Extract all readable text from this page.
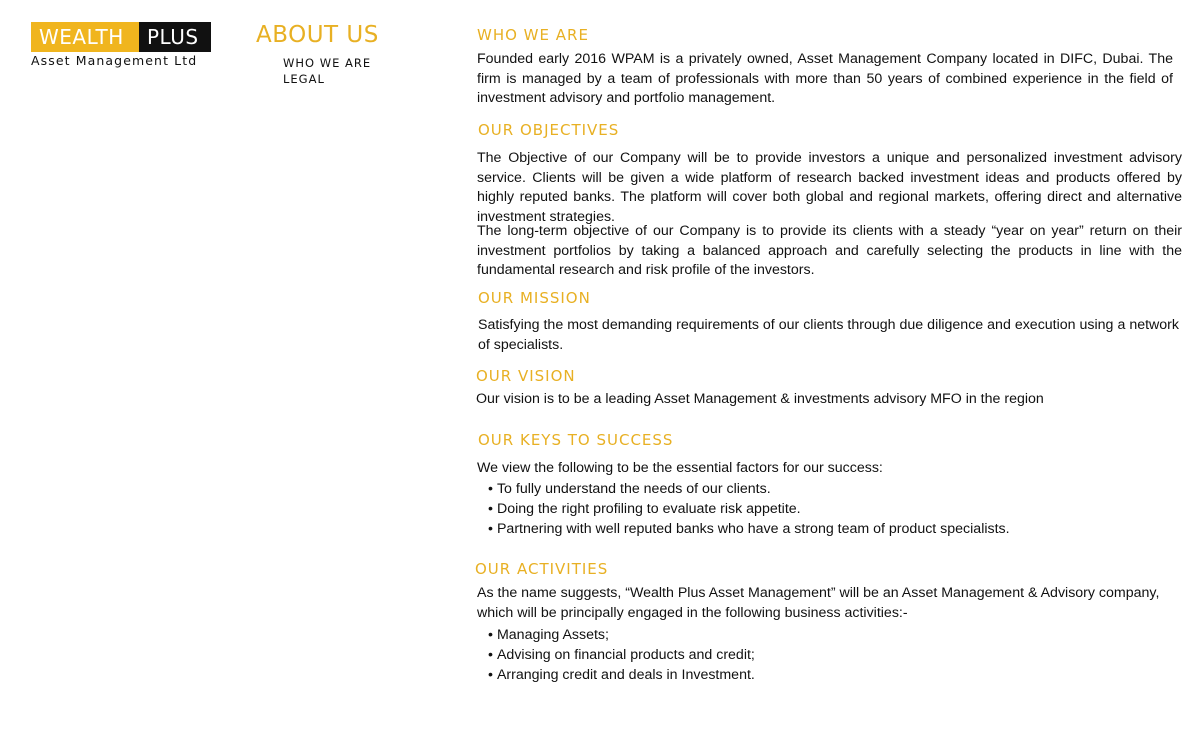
WEALTH	PLUS
Asset Management Ltd
ABOUT US
WHO WE ARE
LEGAL
WHO WE ARE

Founded early 2016 WPAM is a privately owned, Asset Management Company located in DIFC, Dubai. The firm is managed by a team of professionals with more than 50 years of combined experience in the field of investment advisory and portfolio management.

OUR OBJECTIVES

The Objective of our Company will be to provide investors a unique and personalized investment advisory service. Clients will be given a wide platform of research backed investment ideas and products offered by highly reputed banks. The platform will cover both global and regional markets, offering direct and alternative investment strategies.

The long-term objective of our Company is to provide its clients with a steady “year on year” return on their investment portfolios by taking a balanced approach and carefully selecting the products in line with the fundamental research and risk profile of the investors.

OUR MISSION

Satisfying the most demanding requirements of our clients through due diligence and execution using a network of specialists.

OUR VISION

Our vision is to be a leading Asset Management & investments advisory MFO in the region

OUR KEYS TO SUCCESS

We view the following to be the essential factors for our success:

• To fully understand the needs of our clients.
• Doing the right profiling to evaluate risk appetite.
• Partnering with well reputed banks who have a strong team of product specialists.
OUR ACTIVITIES

As the name suggests, “Wealth Plus Asset Management” will be an Asset Management & Advisory company, which will be principally engaged in the following business activities:-

• Managing Assets;
• Advising on financial products and credit;
• Arranging credit and deals in Investment.
